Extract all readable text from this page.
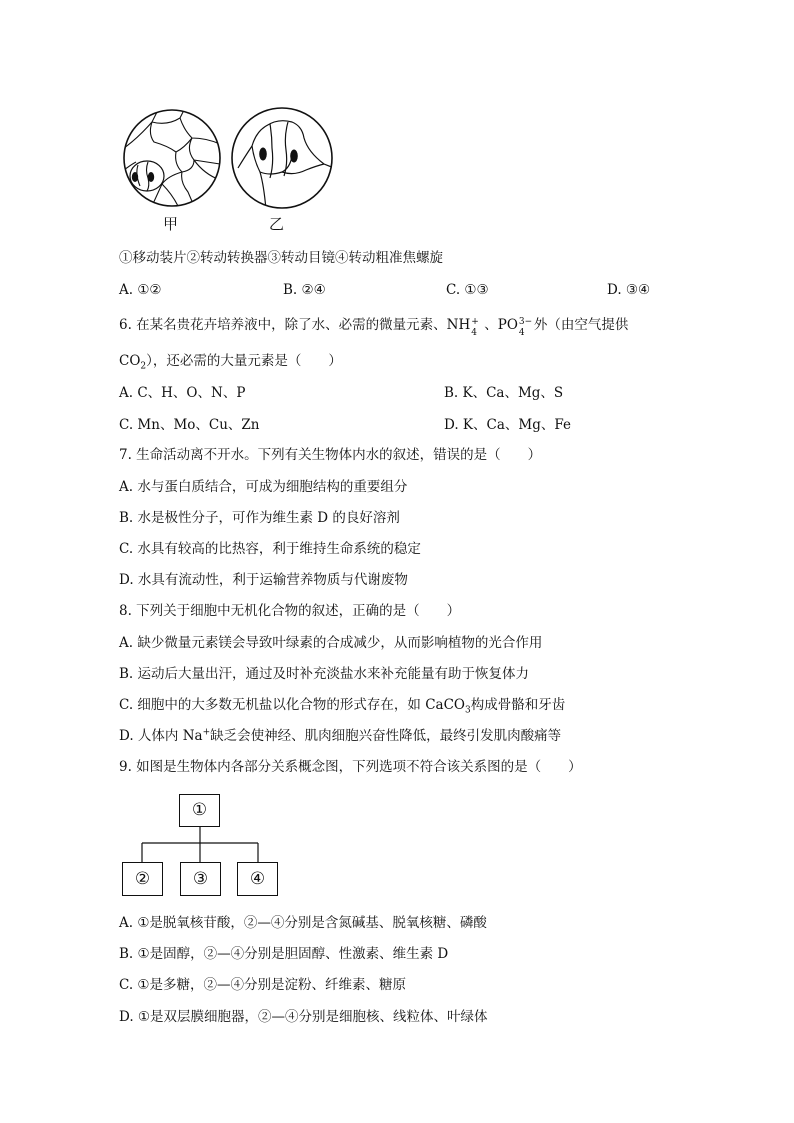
甲	乙
①移动装片②转动转换器③转动目镜④转动粗准焦螺旋
A. ①②	B. ②④	C. ①③	D. ③④
6. 在某名贵花卉培养液中，除了水、必需的微量元素、NH +
4 、PO 3−
4 外（由空气提供
$CO_2$），还必需的大量元素是（　　）
A. C、H、O、N、P	B. K、Ca、Mg、S
C. Mn、Mo、Cu、Zn	D. K、Ca、Mg、Fe
7. 生命活动离不开水。下列有关生物体内水的叙述，错误的是（　　）
A. 水与蛋白质结合，可成为细胞结构的重要组分
B. 水是极性分子，可作为维生素 D 的良好溶剂
C. 水具有较高的比热容，利于维持生命系统的稳定
D. 水具有流动性，利于运输营养物质与代谢废物
8. 下列关于细胞中无机化合物的叙述，正确的是（　　）
A. 缺少微量元素镁会导致叶绿素的合成减少，从而影响植物的光合作用
B. 运动后大量出汗，通过及时补充淡盐水来补充能量有助于恢复体力
C. 细胞中的大多数无机盐以化合物的形式存在，如 CaCO$_3$构成骨骼和牙齿
D. 人体内 Na+缺乏会使神经、肌肉细胞兴奋性降低，最终引发肌肉酸痛等
9. 如图是生物体内各部分关系概念图，下列选项不符合该关系图的是（　　）
①
②	③	④
A. ①是脱氧核苷酸，②—④分别是含氮碱基、脱氧核糖、磷酸
B. ①是固醇，②—④分别是胆固醇、性激素、维生素 D
C. ①是多糖，②—④分别是淀粉、纤维素、糖原
D. ①是双层膜细胞器，②—④分别是细胞核、线粒体、叶绿体
